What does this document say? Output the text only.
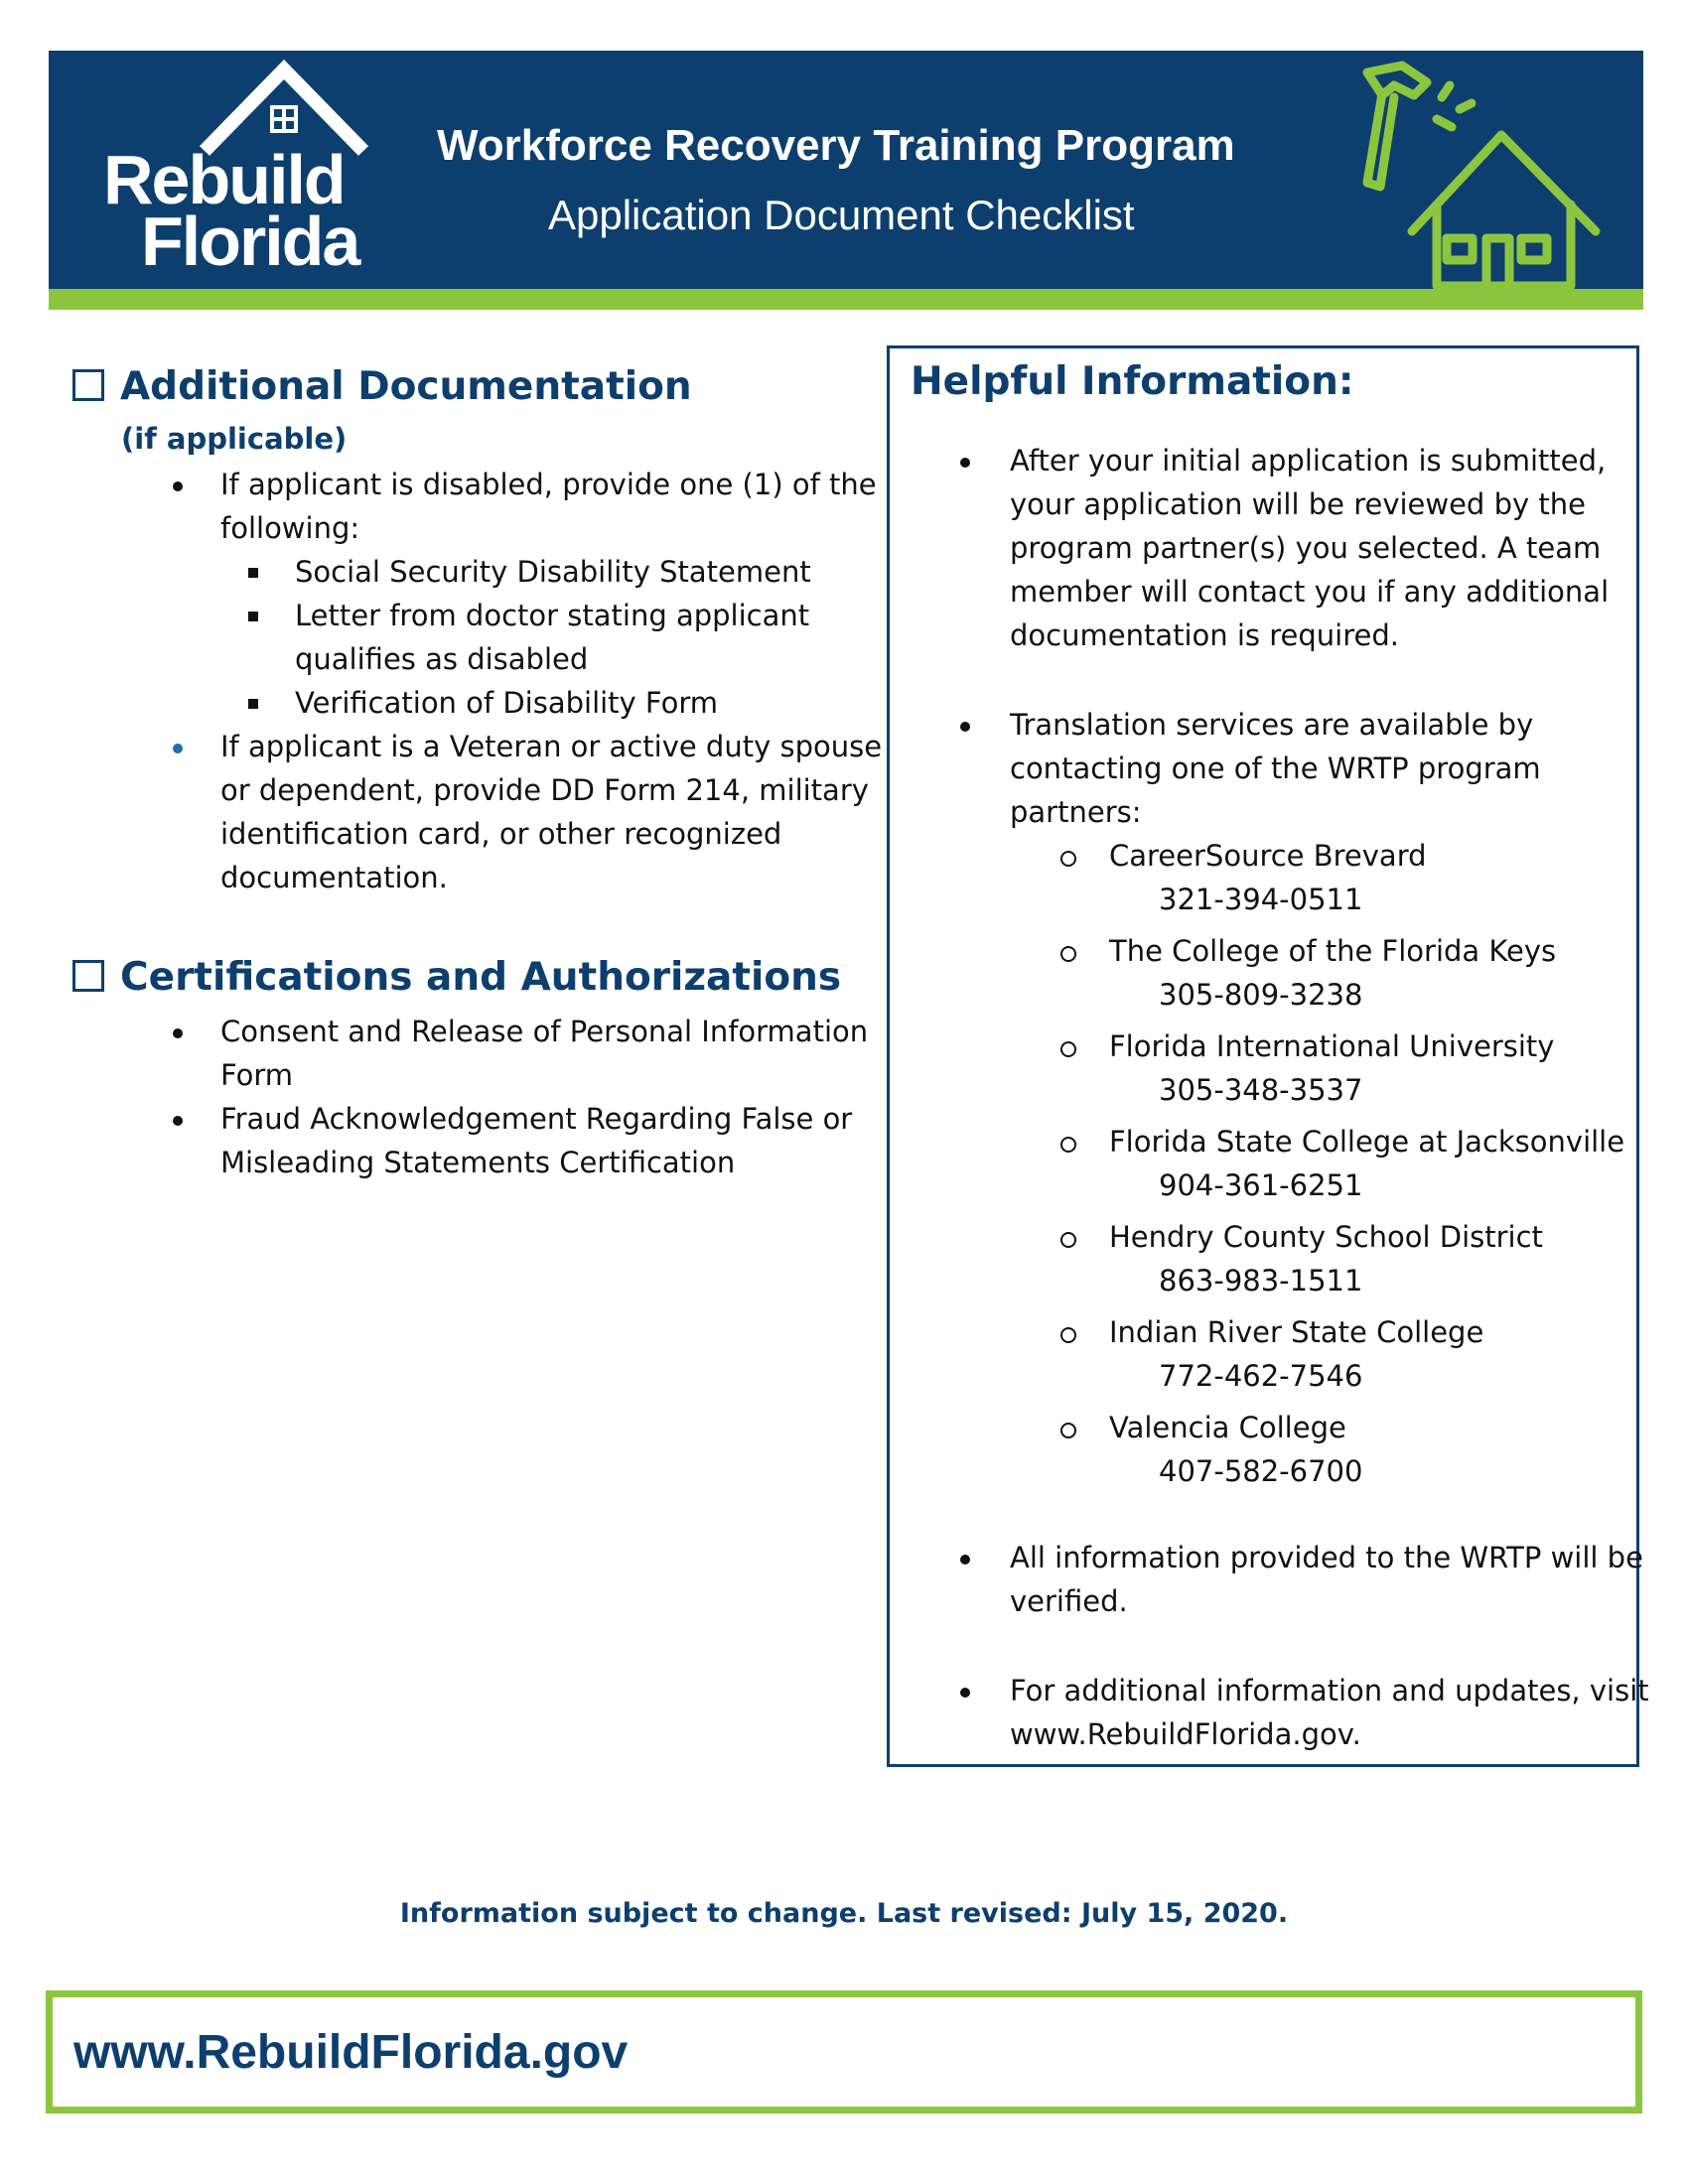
Rebuild
Florida
Workforce Recovery Training Program
Application Document Checklist
Additional Documentation
(if applicable)
If applicant is disabled, provide one (1) of the
following:
Social Security Disability Statement
Letter from doctor stating applicant
qualifies as disabled
Verification of Disability Form
If applicant is a Veteran or active duty spouse
or dependent, provide DD Form 214, military
identification card, or other recognized
documentation.
Certifications and Authorizations
Consent and Release of Personal Information
Form
Fraud Acknowledgement Regarding False or
Misleading Statements Certification
Helpful Information:
After your initial application is submitted,
your application will be reviewed by the
program partner(s) you selected. A team
member will contact you if any additional
documentation is required.
Translation services are available by
contacting one of the WRTP program
partners:
CareerSource Brevard
321-394-0511
The College of the Florida Keys
305-809-3238
Florida International University
305-348-3537
Florida State College at Jacksonville
904-361-6251
Hendry County School District
863-983-1511
Indian River State College
772-462-7546
Valencia College
407-582-6700
All information provided to the WRTP will be
verified.
For additional information and updates, visit
www.RebuildFlorida.gov.
Information subject to change. Last revised: July 15, 2020.
www.RebuildFlorida.gov
